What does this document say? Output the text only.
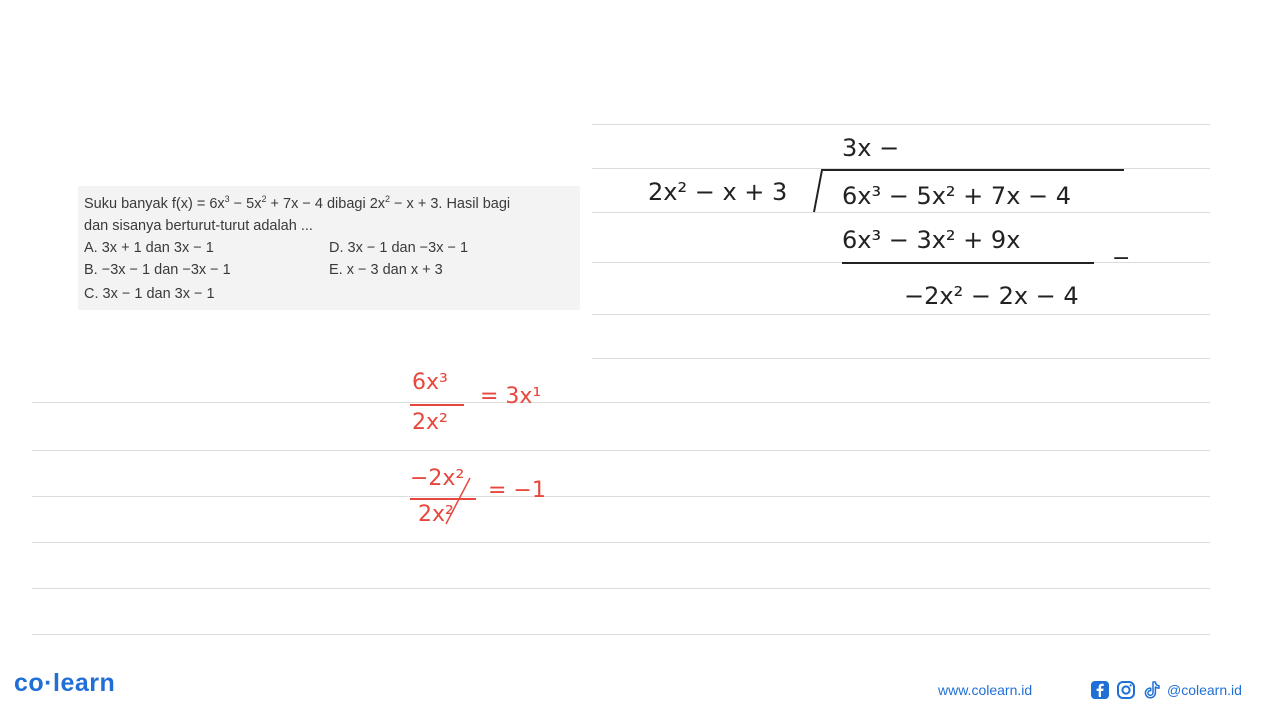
Suku banyak $f(x) = 6x^3 - 5x^2 + 7x - 4$ dibagi $2x^2 - x + 3$. Hasil bagi
dan sisanya berturut-turut adalah ...
A. 3x + 1 dan 3x − 1
B. −3x − 1 dan −3x − 1
C. 3x − 1 dan 3x − 1
D. 3x − 1 dan −3x − 1
E. x − 3 dan x + 3
3x −
2x² − x + 3 6x³ − 5x² + 7x − 4
6x³ − 3x² + 9x
−
−2x² − 2x − 4
6x³
2x²
= 3x¹
−2x²
2x²
= −1
co·learn	www.colearn.id	@colearn.id
